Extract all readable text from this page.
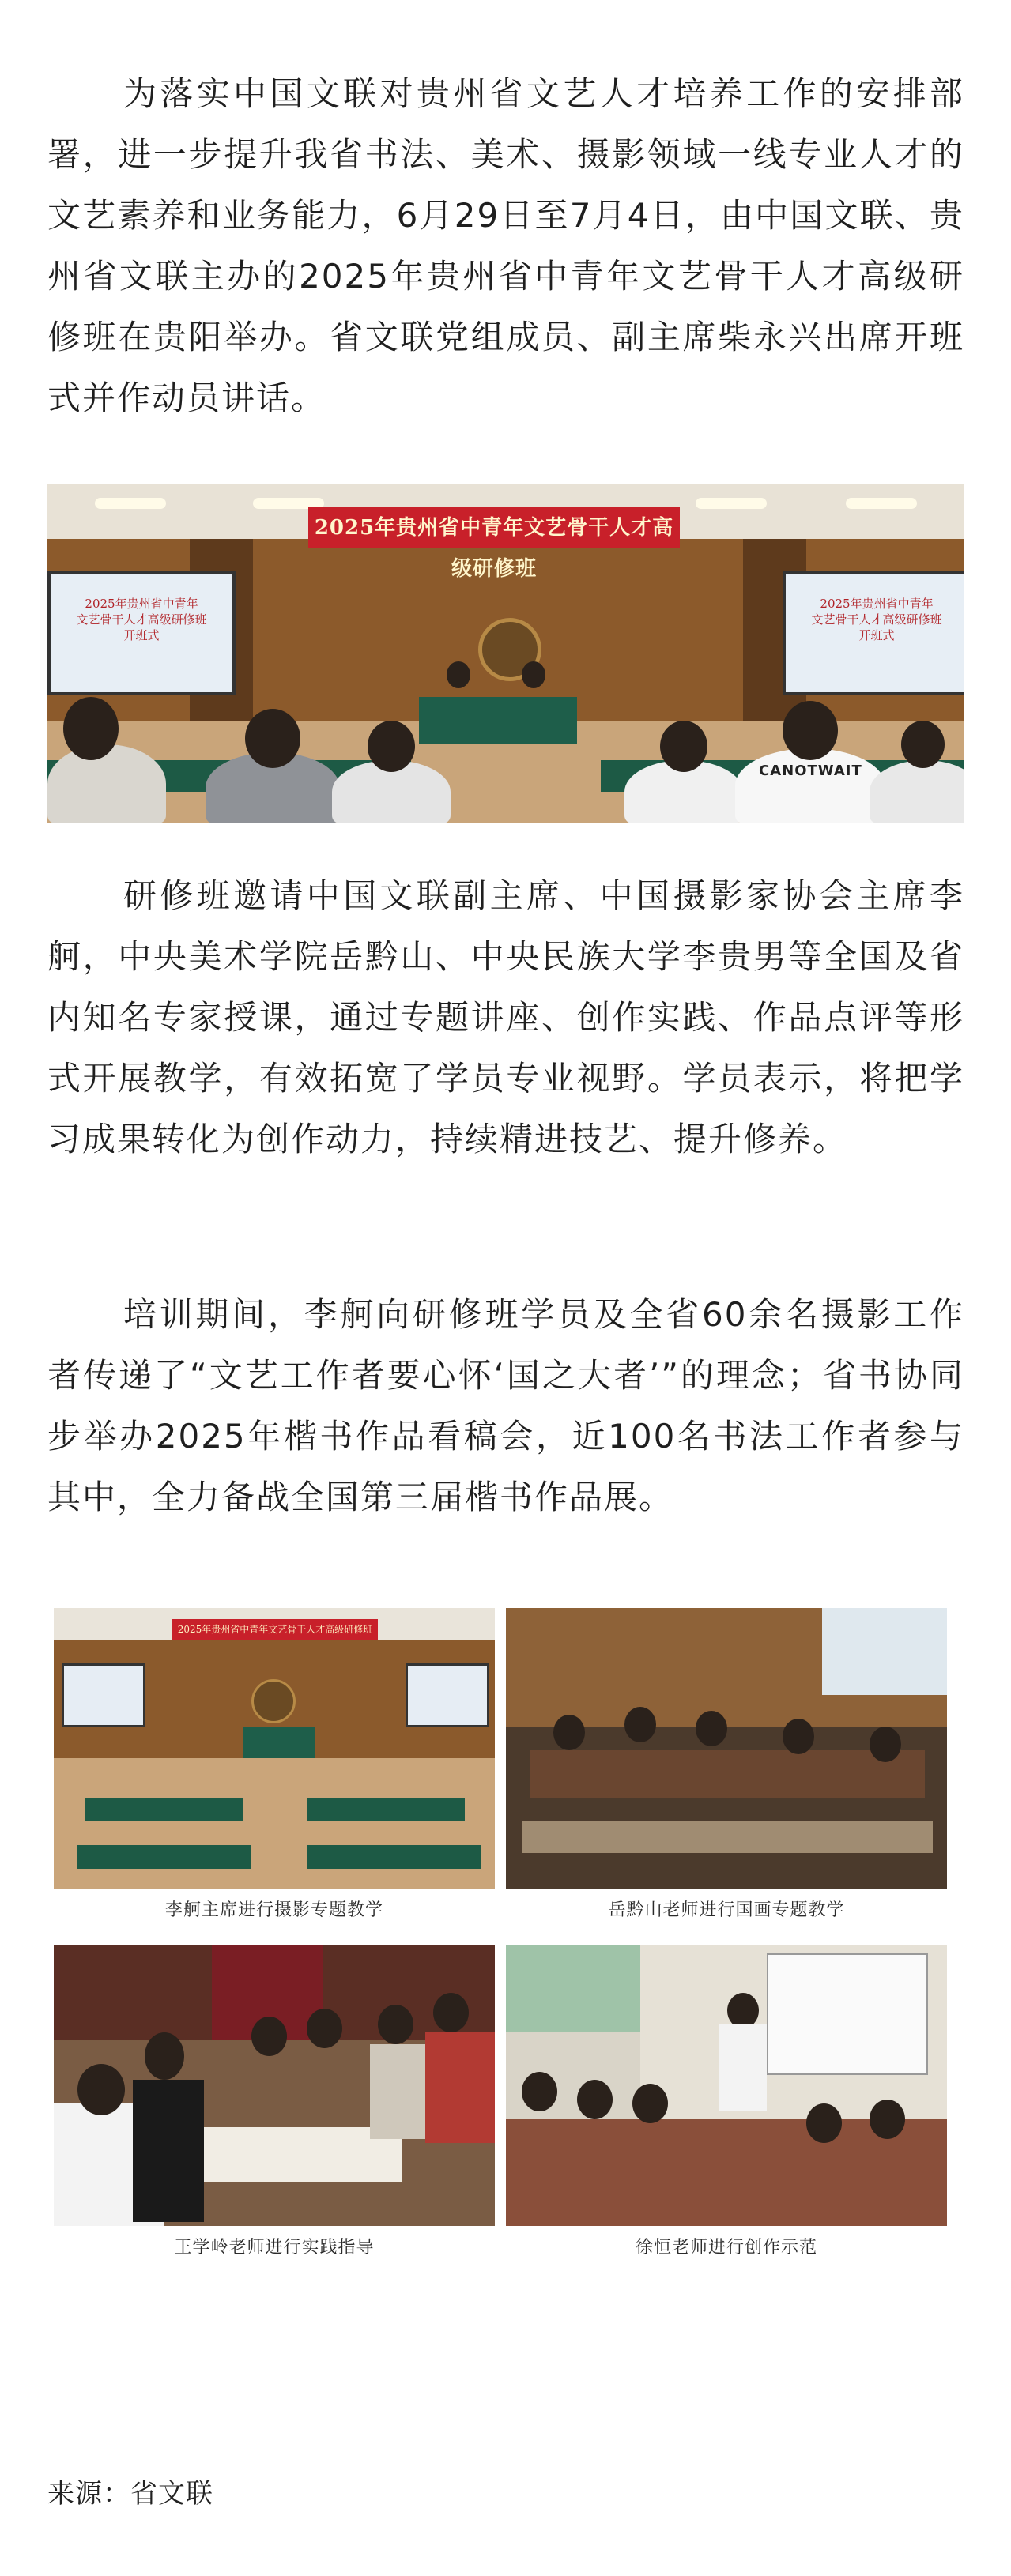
为落实中国文联对贵州省文艺人才培养工作的安排部署，进一步提升我省书法、美术、摄影领域一线专业人才的文艺素养和业务能力，6月29日至7月4日，由中国文联、贵州省文联主办的2025年贵州省中青年文艺骨干人才高级研修班在贵阳举办。省文联党组成员、副主席柴永兴出席开班式并作动员讲话。

2025年贵州省中青年文艺骨干人才高级研修班
2025年贵州省中青年
文艺骨干人才高级研修班
开班式
2025年贵州省中青年
文艺骨干人才高级研修班
开班式
CANOTWAIT

研修班邀请中国文联副主席、中国摄影家协会主席李舸，中央美术学院岳黔山、中央民族大学李贵男等全国及省内知名专家授课，通过专题讲座、创作实践、作品点评等形式开展教学，有效拓宽了学员专业视野。学员表示，将把学习成果转化为创作动力，持续精进技艺、提升修养。

培训期间，李舸向研修班学员及全省60余名摄影工作者传递了“文艺工作者要心怀‘国之大者’”的理念；省书协同步举办2025年楷书作品看稿会，近100名书法工作者参与其中，全力备战全国第三届楷书作品展。

2025年贵州省中青年文艺骨干人才高级研修班
李舸主席进行摄影专题教学	岳黔山老师进行国画专题教学
王学岭老师进行实践指导	徐恒老师进行创作示范
来源：省文联
